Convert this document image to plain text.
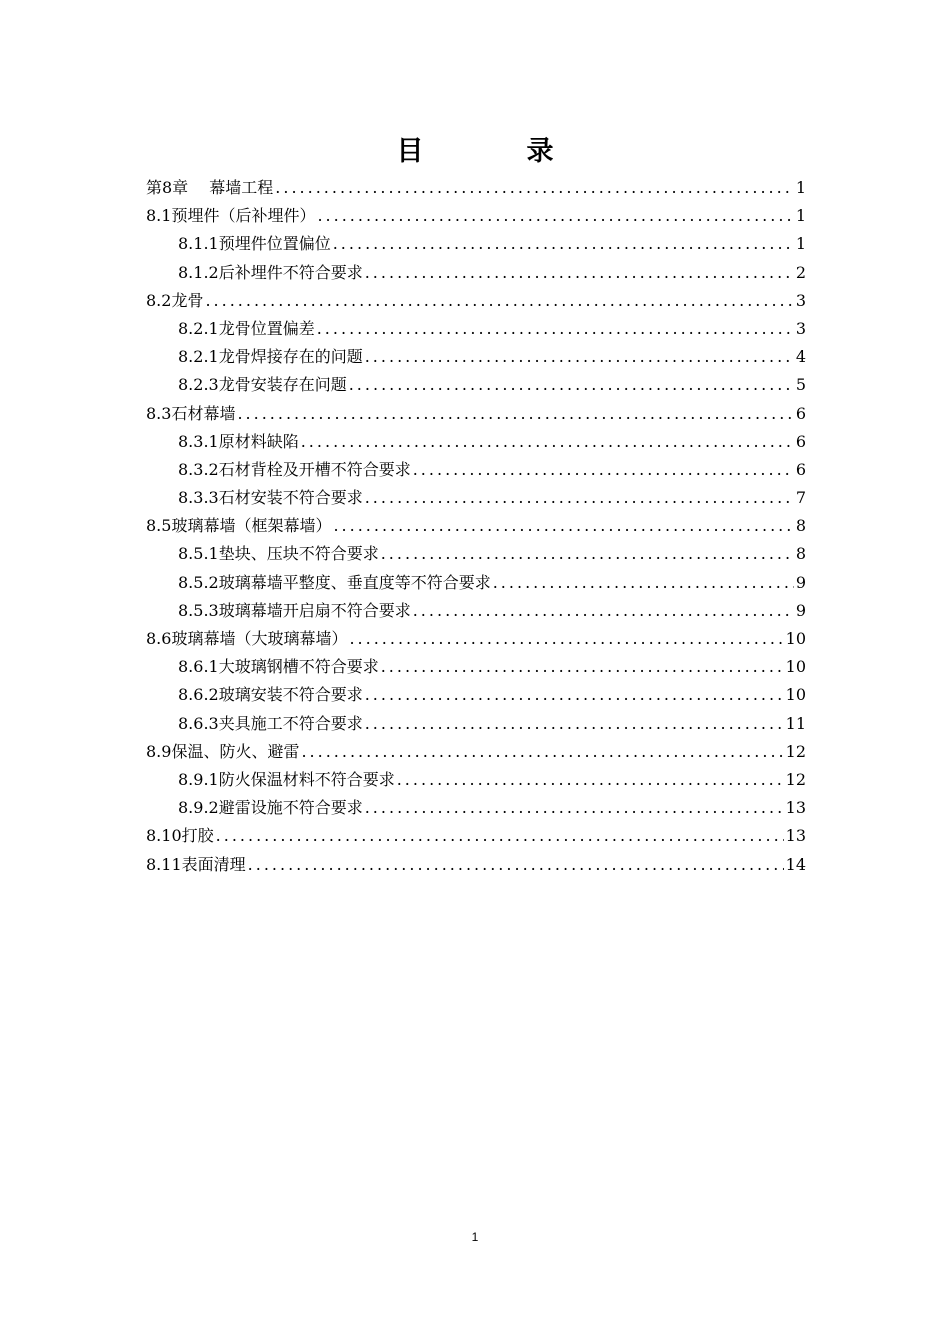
目　录
第8章　 幕墙工程 .....	1
8.1预埋件（后补埋件） .....	1
8.1.1预埋件位置偏位 .....	1
8.1.2后补埋件不符合要求 .....	2
8.2龙骨 .....	3
8.2.1龙骨位置偏差 .....	3
8.2.1龙骨焊接存在的问题 .....	4
8.2.3龙骨安装存在问题 .....	5
8.3石材幕墙 .....	6
8.3.1原材料缺陷 .....	6
8.3.2石材背栓及开槽不符合要求 .....	6
8.3.3石材安装不符合要求 .....	7
8.5玻璃幕墙（框架幕墙） .....	8
8.5.1垫块、压块不符合要求 .....	8
8.5.2玻璃幕墙平整度、垂直度等不符合要求 .....	9
8.5.3玻璃幕墙开启扇不符合要求 .....	9
8.6玻璃幕墙（大玻璃幕墙） .....	10
8.6.1大玻璃钢槽不符合要求 .....	10
8.6.2玻璃安装不符合要求 .....	10
8.6.3夹具施工不符合要求 .....	11
8.9保温、防火、避雷 .....	12
8.9.1防火保温材料不符合要求 .....	12
8.9.2避雷设施不符合要求 .....	13
8.10打胶 .....	13
8.11表面清理 .....	14
1
